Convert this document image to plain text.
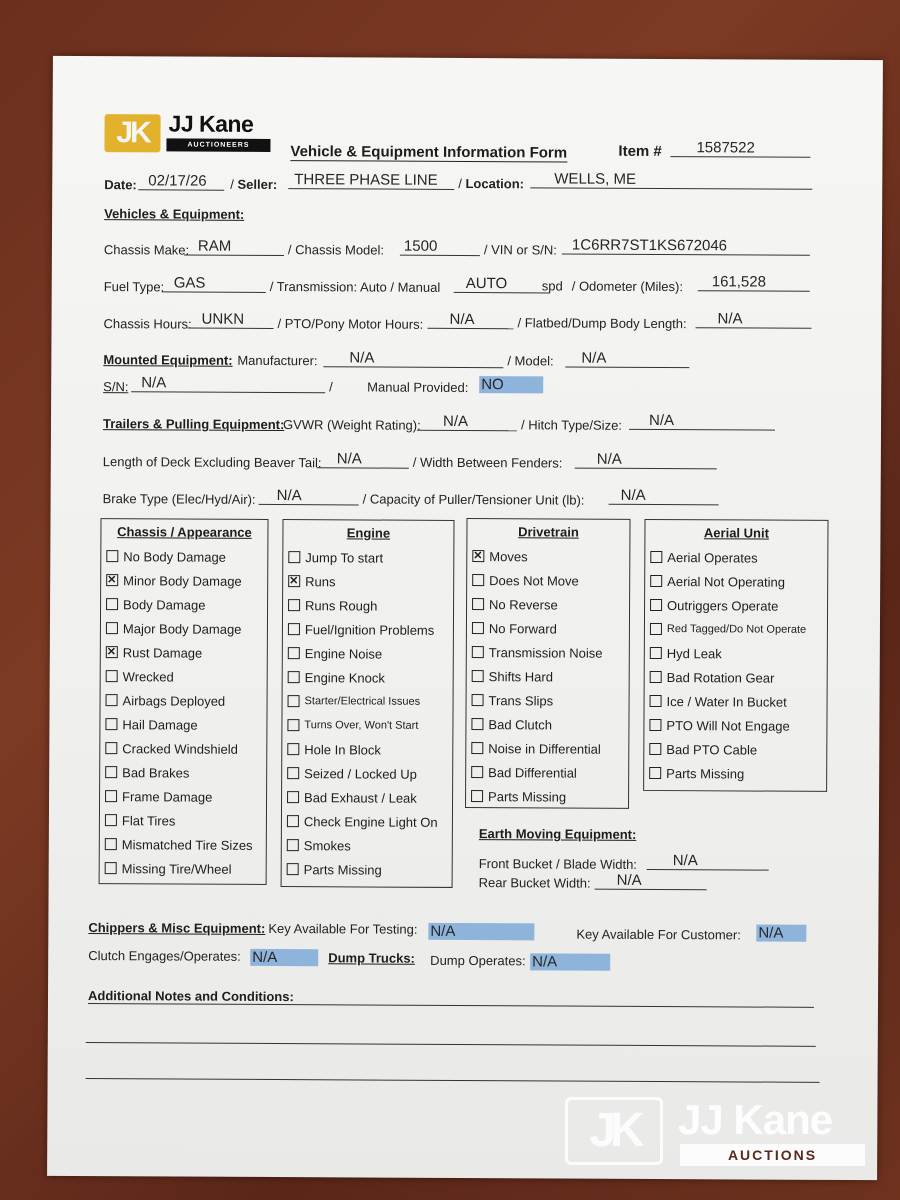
JK JJ Kane
AUCTIONEERS	Vehicle & Equipment Information Form	Item #	1587522
Date: 02/17/26	/ Seller:	THREE PHASE LINE	/ Location:	WELLS, ME
Vehicles & Equipment:
Chassis Make: RAM	/ Chassis Model: 1500	/ VIN or S/N: 1C6RR7ST1KS672046
Fuel Type: GAS	/ Transmission: Auto / Manual	AUTO	spd / Odometer (Miles):	161,528
Chassis Hours: UNKN	/ PTO/Pony Motor Hours:	N/A	/ Flatbed/Dump Body Length:	N/A
Mounted Equipment: Manufacturer:	N/A	/ Model:	N/A
S/N: N/A	/	Manual Provided: NO
Trailers & Pulling Equipment:
GVWR (Weight Rating):	N/A	/ Hitch Type/Size:	N/A
Length of Deck Excluding Beaver Tail:	N/A	/ Width Between Fenders:	N/A
Brake Type (Elec/Hyd/Air):	N/A	/ Capacity of Puller/Tensioner Unit (lb):	N/A
Chassis / Appearance
No Body Damage
✕
Minor Body Damage
Body Damage
Major Body Damage
✕
Rust Damage
Wrecked
Airbags Deployed
Hail Damage
Cracked Windshield
Bad Brakes
Frame Damage
Flat Tires
Mismatched Tire Sizes
Missing Tire/Wheel
Engine
Jump To start
✕
Runs
Runs Rough
Fuel/Ignition Problems
Engine Noise
Engine Knock
Starter/Electrical Issues
Turns Over, Won't Start
Hole In Block
Seized / Locked Up
Bad Exhaust / Leak
Check Engine Light On
Smokes
Parts Missing
Drivetrain
✕
Moves
Does Not Move
No Reverse
No Forward
Transmission Noise
Shifts Hard
Trans Slips
Bad Clutch
Noise in Differential
Bad Differential
Parts Missing
Aerial Unit
Aerial Operates
Aerial Not Operating
Outriggers Operate
Red Tagged/Do Not Operate
Hyd Leak
Bad Rotation Gear
Ice / Water In Bucket
PTO Will Not Engage
Bad PTO Cable
Parts Missing
Earth Moving Equipment:
Front Bucket / Blade Width:	N/A
Rear Bucket Width:	N/A
Chippers & Misc Equipment: Key Available For Testing: N/A	Key Available For Customer: N/A
Clutch Engages/Operates: N/A	Dump Trucks: Dump Operates: N/A
Additional Notes and Conditions:
JK JJ Kane
AUCTIONS
